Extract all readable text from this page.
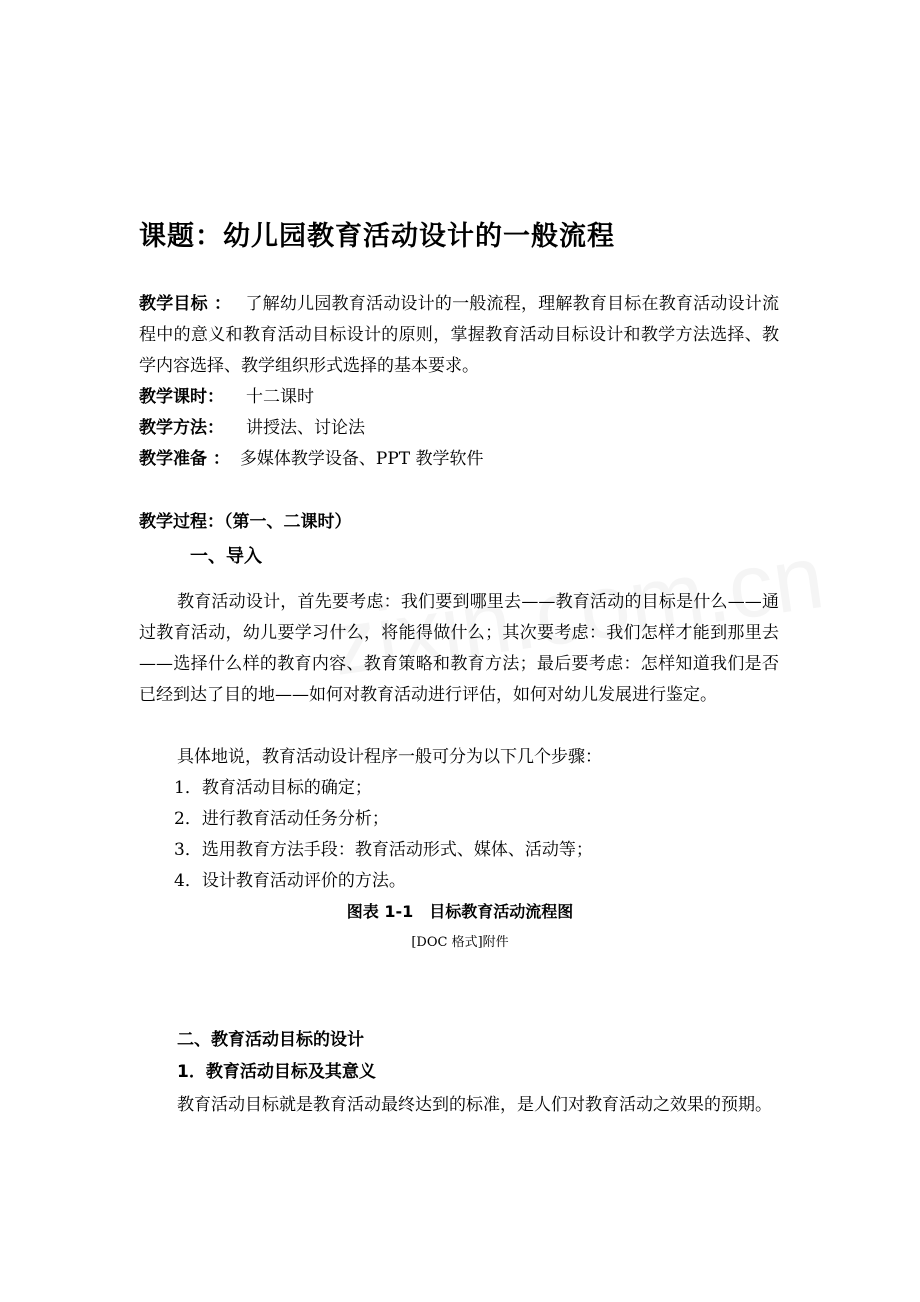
课题：幼儿园教育活动设计的一般流程
教学目标 ： 了解幼儿园教育活动设计的一般流程，理解教育目标在教育活动设计流程中的意义和教育活动目标设计的原则，掌握教育活动目标设计和教学方法选择、教学内容选择、教学组织形式选择的基本要求。
教学课时： 十二课时
教学方法： 讲授法、讨论法
教学准备 ： 多媒体教学设备、PPT 教学软件
教学过程：（第一、二课时）
一、导入
教育活动设计，首先要考虑：我们要到哪里去——教育活动的目标是什么——通过教育活动，幼儿要学习什么，将能得做什么；其次要考虑：我们怎样才能到那里去——选择什么样的教育内容、教育策略和教育方法；最后要考虑：怎样知道我们是否已经到达了目的地——如何对教育活动进行评估，如何对幼儿发展进行鉴定。
具体地说，教育活动设计程序一般可分为以下几个步骤：
1．教育活动目标的确定；
2．进行教育活动任务分析；
3．选用教育方法手段：教育活动形式、媒体、活动等；
4．设计教育活动评价的方法。
图表 1-1　目标教育活动流程图
[DOC 格式]附件
二、教育活动目标的设计
1．教育活动目标及其意义
教育活动目标就是教育活动最终达到的标准，是人们对教育活动之效果的预期。
